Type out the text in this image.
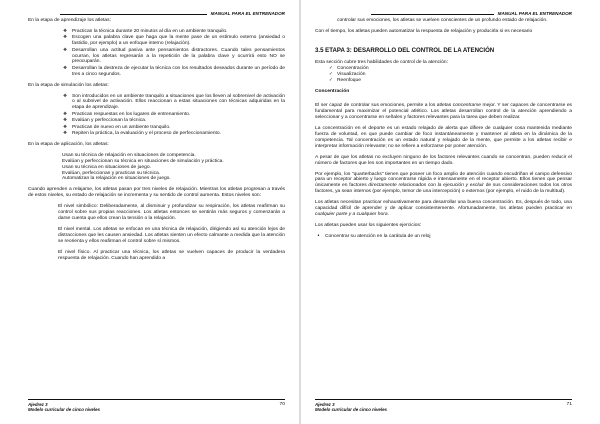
MANUAL PARA EL ENTRENADOR

En la etapa de aprendizaje los atletas:

❖ Practican la técnica durante 20 minutos al día en un ambiente tranquilo.
❖ Escogen una palabra clave que haga que la mente pase de un estímulo externo (ansiedad o fastidio, por ejemplo) a un enfoque interno (relajación).
❖ Desarrollan una actitud pasiva ante pensamientos distractores. Cuando tales pensamientos ocurran, los atletas regresarán a la repetición de la palabra clave y ocurrirá esto NO se preocuparán.
❖ Desarrollan la destreza de ejecutar la técnica con los resultados deseados durante un período de tres a cinco segundos.

En la etapa de simulación los atletas:

❖ Son introducidos en un ambiente tranquilo a situaciones que los lleven al sobrenivel de activación o al subnivel de activación. Ellos reaccionan a estas situaciones con técnicas adquiridas en la etapa de aprendizaje.
❖ Practican respuestas en los lugares de entrenamiento.
❖ Evalúan y perfeccionan la técnica.
❖ Practican de nuevo en un ambiente tranquilo.
❖ Repiten la práctica, la evaluación y el proceso de perfeccionamiento.

En la etapa de aplicación, los atletas:

Usan su técnica de relajación en situaciones de competencia.

Evalúan y perfeccionan su técnica en situaciones de simulación y práctica.

Usan su técnica en situaciones de juego.

Evalúan, perfeccionan y practican su técnica.

Automatizan la relajación en situaciones de juego.

Cuando aprenden a relajarse, los atletas pasan por tres niveles de relajación. Mientras los atletas progresan a través de estos niveles, su estado de relajación se incrementa y su sentido de control aumenta. Estos niveles son:

El nivel simbólico: Deliberadamente, al disminuir y profundizar su respiración, los atletas reafirman su control sobre sus propias reacciones. Los atletas entonces se sentirán más seguros y comenzarán a darse cuenta que ellos crean la tensión o la relajación.

El nivel mental. Los atletas se enfocan en una técnica de relajación, dirigiendo así su atención lejos de distracciones que les causen ansiedad. Los atletas sienten un efecto calmante a medida que la atención se reorienta y ellos reafirman el control sobre sí mismos.

El nivel físico. Al practicar una técnica, los atletas se vuelven capaces de producir la verdadera respuesta de relajación. Cuando han aprendido a

Ajedrez 3
Modelo curricular de cinco niveles
70
MANUAL PARA EL ENTRENADOR

controlar sus emociones, los atletas se vuelven conscientes de un profundo estado de relajación.

Con el tiempo, los atletas pueden automatizar la respuesta de relajación y producirla si es necesario

3.5 ETAPA 3: DESARROLLO DEL CONTROL DE LA ATENCIÓN

Esta sección cubre tres habilidades de control de la atención:

✓ Concentración
✓ Visualización
✓ Reenfoque
Concentración

El ser capaz de controlar sus emociones, permite a los atletas concentrarse mejor. Y ser capaces de concentrarse es fundamental para maximizar el potencial atlético. Los atletas desarrollan control de la atención aprendiendo a seleccionar y a concentrarse en señales y factores relevantes para la tarea que deben realizar.

La concentración en el deporte es un estado relajado de alerta que difiere de cualquier cosa mantenida mediante fuerza de voluntad, en que puede cambiar de foco instantáneamente y mantener al atleta en la dinámica de la competencia. Tal concentración es un estado natural y relajado de la mente, que permite a los atletas recibir e interpretar información relevante; no se refiere a esforzarse por poner atención.

A pesar de que los atletas no excluyen ninguno de los factores relevantes cuando se concentran, pueden reducir el número de factores que les son importantes en un tiempo dado.

Por ejemplo, los "quarterbacks" tienen que poseer un foco amplio de atención cuando escudriñan el campo defensivo para un receptor abierto y luego concentrarse rápida e intensamente en el receptor abierto. Ellos tienen que pensar únicamente en factores directamente relacionados con la ejecución y excluir de sus consideraciones todos los otros factores, ya sean internos (por ejemplo, temor de una intercepción) o externos (por ejemplo, el ruido de la multitud).

Los atletas necesitan practicar exhaustivamente para desarrollar una buena concentración. Es, después de todo, una capacidad difícil de aprender y de aplicar consistentemente. Afortunadamente, los atletas pueden practicar en cualquier parte y a cualquier hora.

Los atletas pueden usar los siguientes ejercicios:

• Concentrar su atención en la carátula de un reloj
Ajedrez 3
Modelo curricular de cinco niveles
71
